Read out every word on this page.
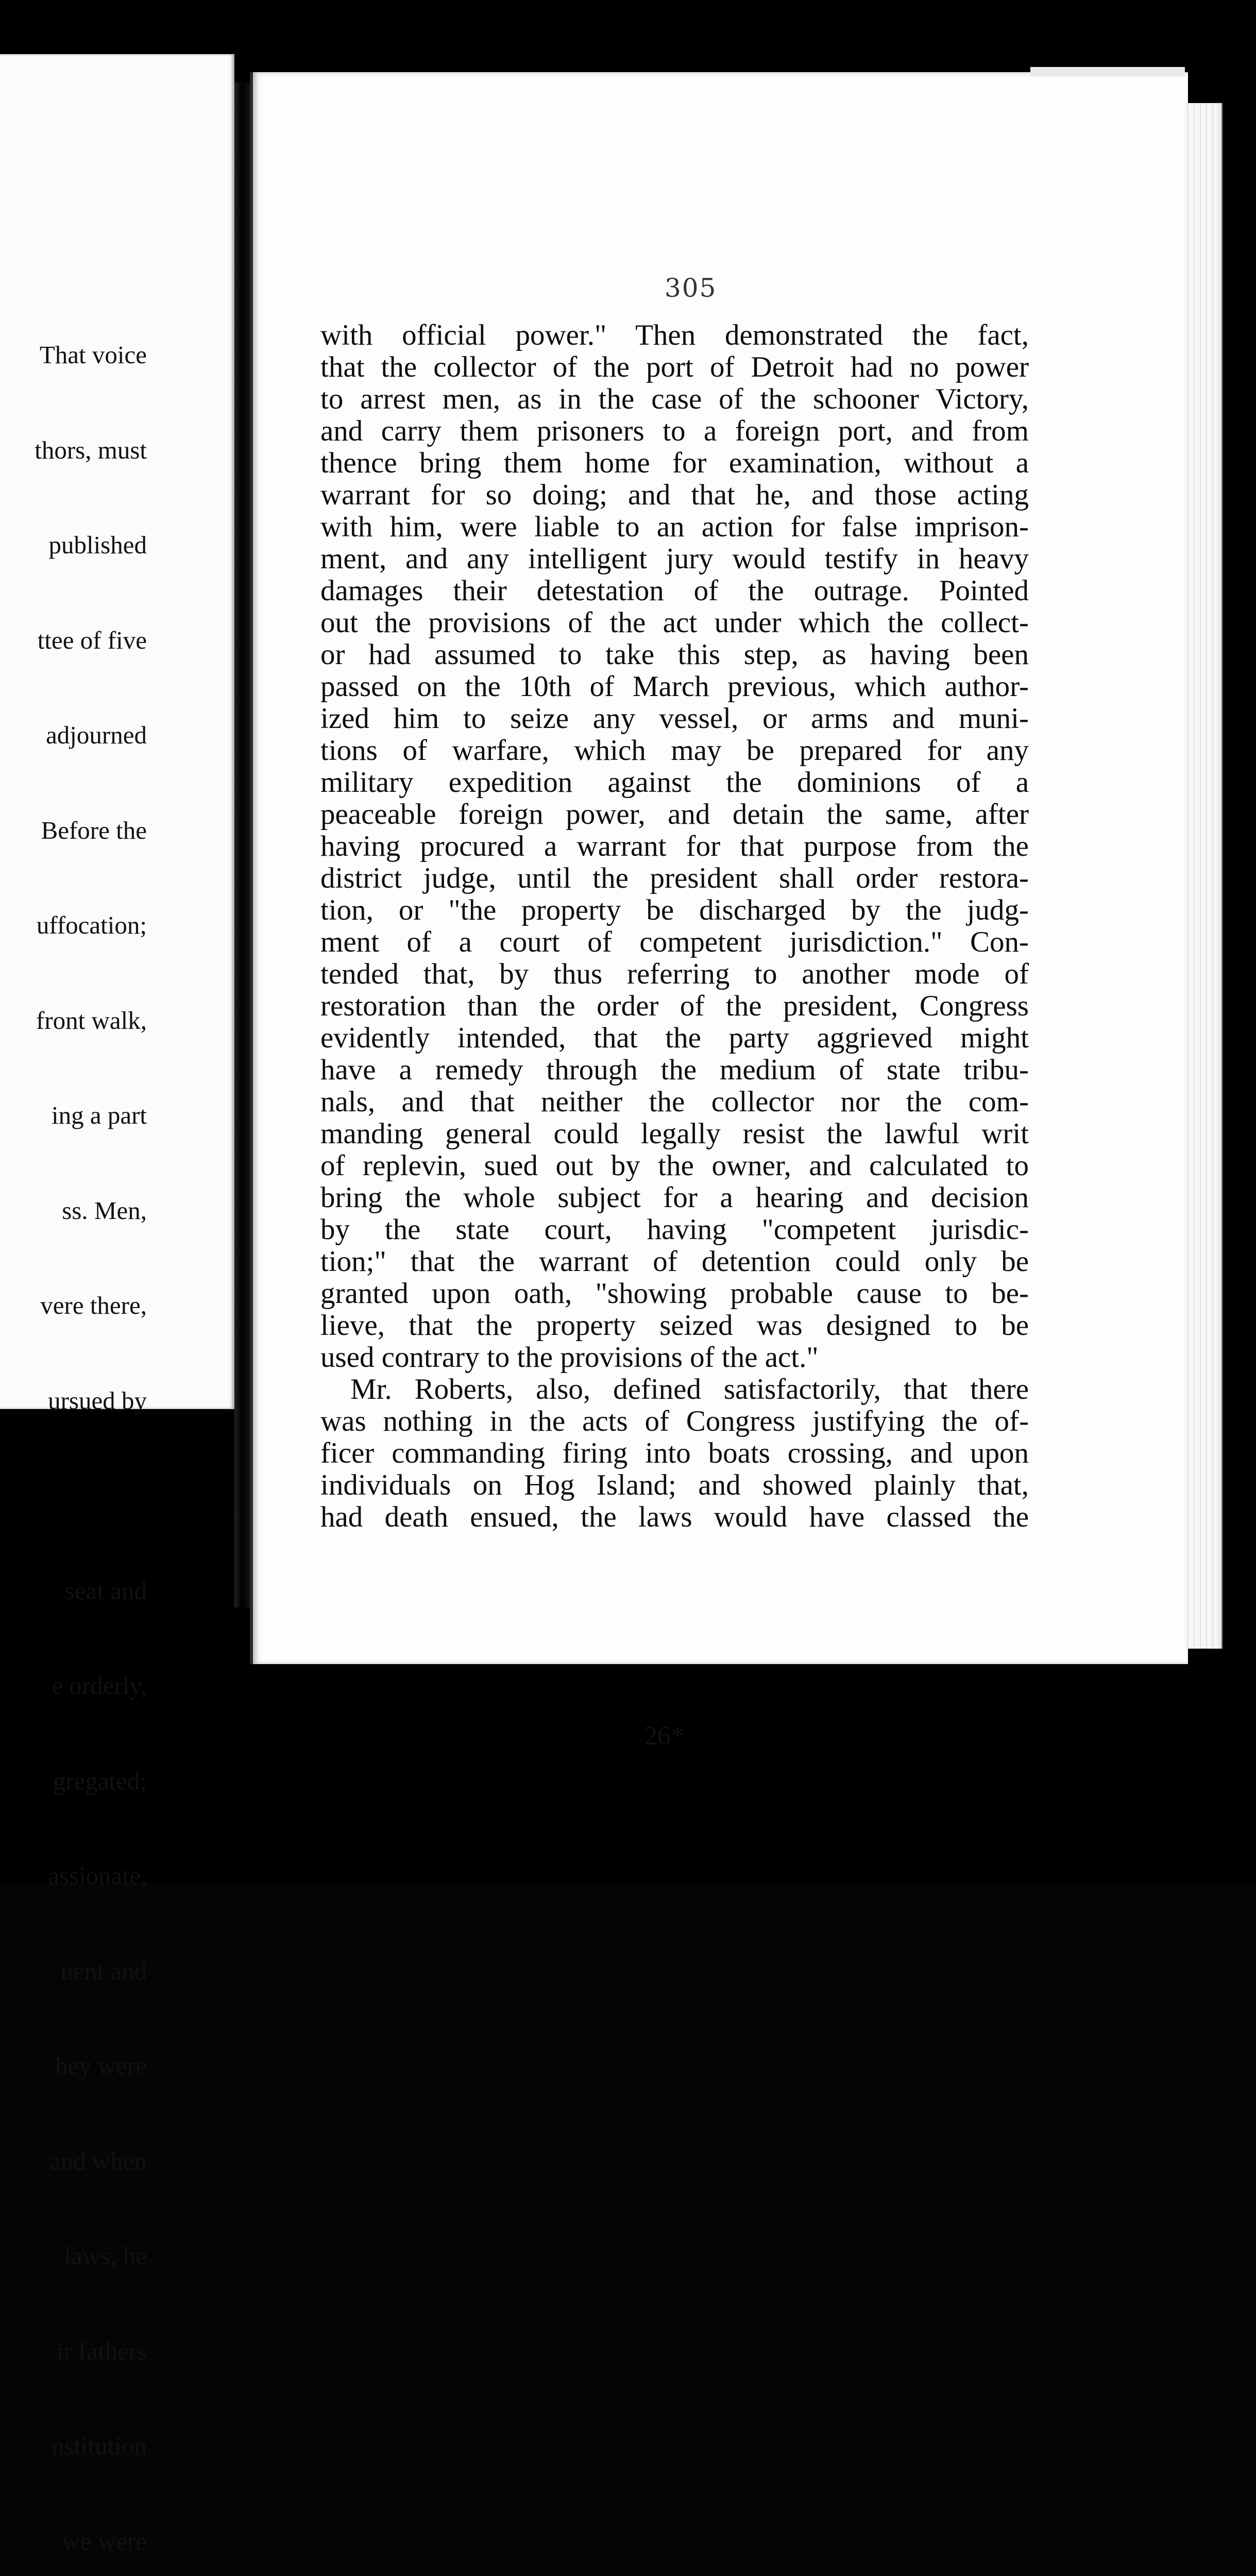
That voice

thors, must

published

ttee of five

adjourned

Before the

uffocation;

front walk,

ing a part

ss. Men,

vere there,

ursued by

seat and

e orderly,

gregated;

assionate,

uent and

hey were

and when

laws, he

ir fathers

nstitution

we were

305
with official power." Then demonstrated the fact,
that the collector of the port of Detroit had no power
to arrest men, as in the case of the schooner Victory,
and carry them prisoners to a foreign port, and from
thence bring them home for examination, without a
warrant for so doing; and that he, and those acting
with him, were liable to an action for false imprison-
ment, and any intelligent jury would testify in heavy
damages their detestation of the outrage. Pointed
out the provisions of the act under which the collect-
or had assumed to take this step, as having been
passed on the 10th of March previous, which author-
ized him to seize any vessel, or arms and muni-
tions of warfare, which may be prepared for any
military expedition against the dominions of a
peaceable foreign power, and detain the same, after
having procured a warrant for that purpose from the
district judge, until the president shall order restora-
tion, or "the property be discharged by the judg-
ment of a court of competent jurisdiction." Con-
tended that, by thus referring to another mode of
restoration than the order of the president, Congress
evidently intended, that the party aggrieved might
have a remedy through the medium of state tribu-
nals, and that neither the collector nor the com-
manding general could legally resist the lawful writ
of replevin, sued out by the owner, and calculated to
bring the whole subject for a hearing and decision
by the state court, having "competent jurisdic-
tion;" that the warrant of detention could only be
granted upon oath, "showing probable cause to be-
lieve, that the property seized was designed to be
used contrary to the provisions of the act."
Mr. Roberts, also, defined satisfactorily, that there
was nothing in the acts of Congress justifying the of-
ficer commanding firing into boats crossing, and upon
individuals on Hog Island; and showed plainly that,
had death ensued, the laws would have classed the
26*
